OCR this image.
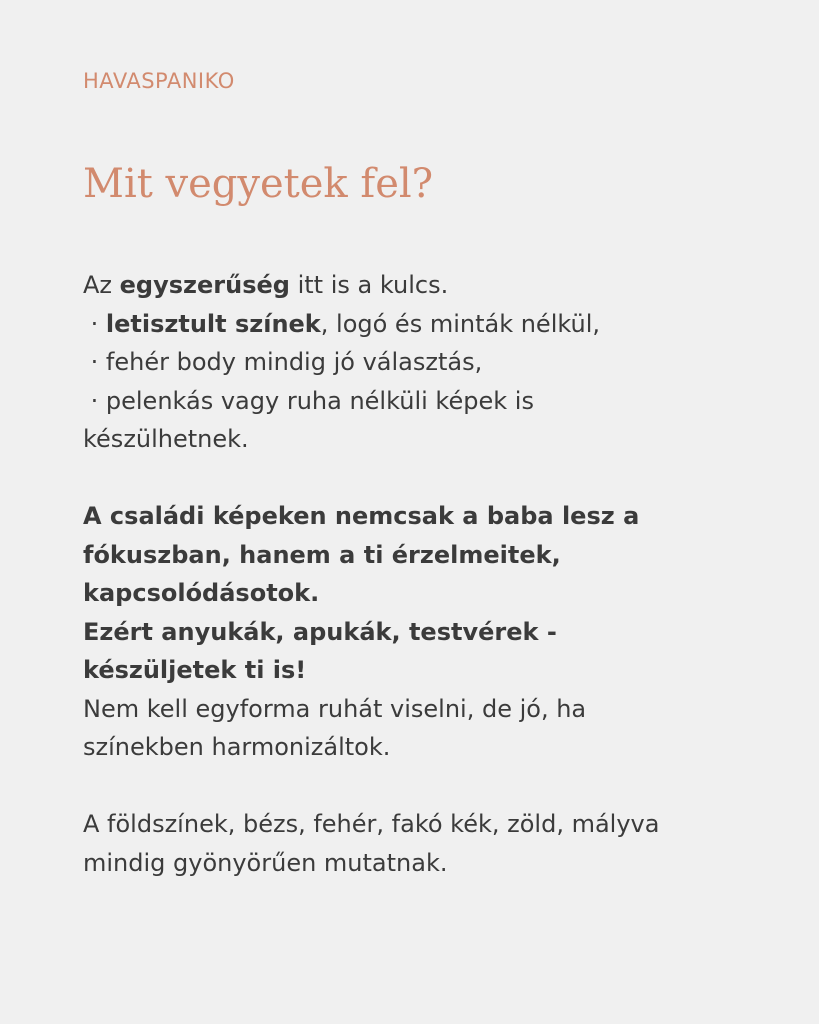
HAVASPANIKO
Mit vegyetek fel?
Az egyszerűség itt is a kulcs.
· letisztult színek, logó és minták nélkül,
· fehér body mindig jó választás,
· pelenkás vagy ruha nélküli képek is
készülhetnek.
A családi képeken nemcsak a baba lesz a
fókuszban, hanem a ti érzelmeitek,
kapcsolódásotok.
Ezért anyukák, apukák, testvérek -
készüljetek ti is!
Nem kell egyforma ruhát viselni, de jó, ha
színekben harmonizáltok.
A földszínek, bézs, fehér, fakó kék, zöld, mályva
mindig gyönyörűen mutatnak.
